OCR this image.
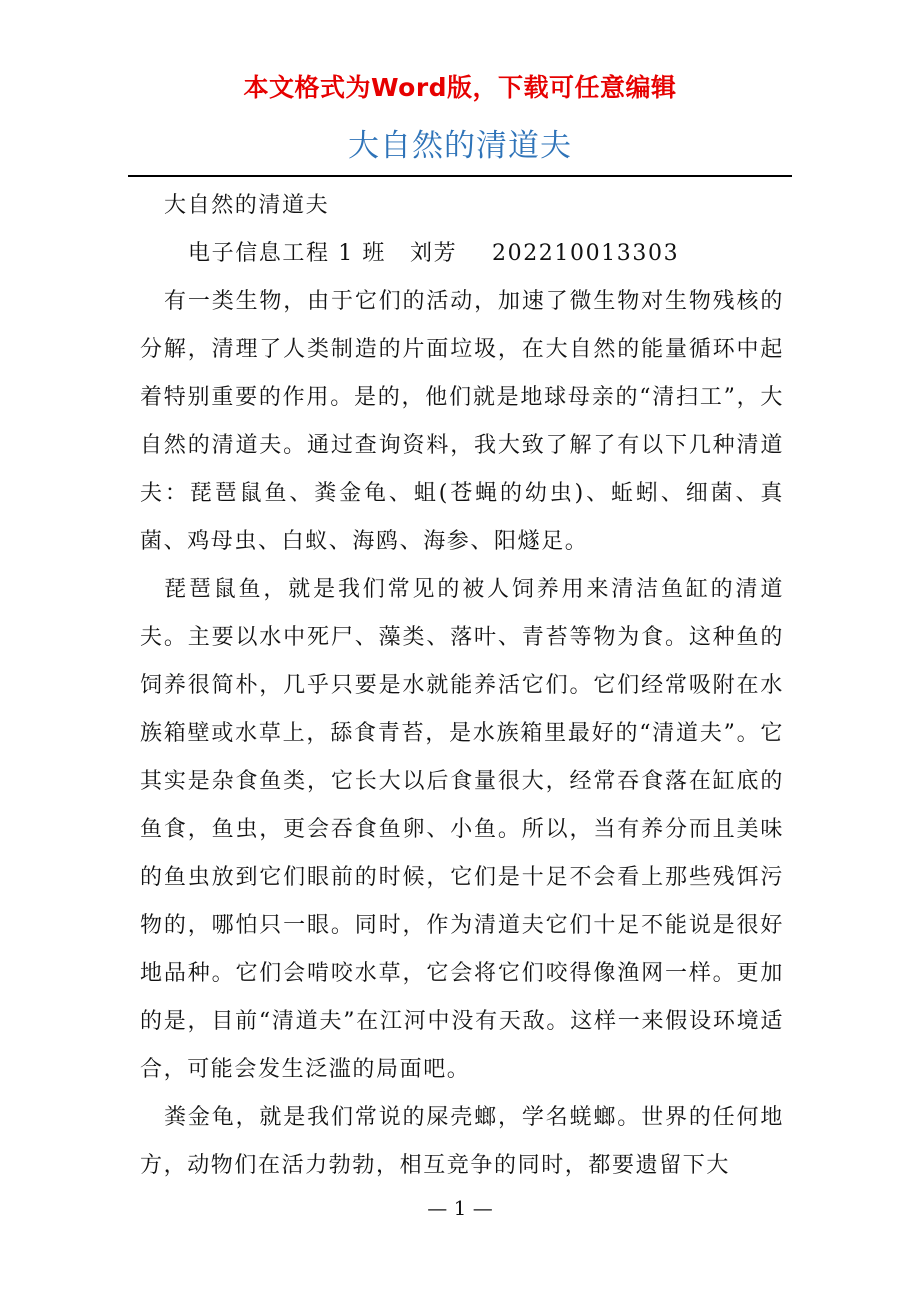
本文格式为Word版，下载可任意编辑
大自然的清道夫

大自然的清道夫

电子信息工程 1 班 刘芳 202210013303

有一类生物，由于它们的活动，加速了微生物对生物残核的分解，清理了人类制造的片面垃圾，在大自然的能量循环中起着特别重要的作用。是的，他们就是地球母亲的“清扫工”，大自然的清道夫。通过查询资料，我大致了解了有以下几种清道夫：琵琶鼠鱼、粪金龟、蛆(苍蝇的幼虫)、蚯蚓、细菌、真菌、鸡母虫、白蚁、海鸥、海参、阳燧足。

琵琶鼠鱼，就是我们常见的被人饲养用来清洁鱼缸的清道夫。主要以水中死尸、藻类、落叶、青苔等物为食。这种鱼的饲养很简朴，几乎只要是水就能养活它们。它们经常吸附在水族箱壁或水草上，舔食青苔，是水族箱里最好的“清道夫”。它其实是杂食鱼类，它长大以后食量很大，经常吞食落在缸底的鱼食，鱼虫，更会吞食鱼卵、小鱼。所以，当有养分而且美味的鱼虫放到它们眼前的时候，它们是十足不会看上那些残饵污物的，哪怕只一眼。同时，作为清道夫它们十足不能说是很好地品种。它们会啃咬水草，它会将它们咬得像渔网一样。更加的是，目前“清道夫”在江河中没有天敌。这样一来假设环境适合，可能会发生泛滥的局面吧。

粪金龟，就是我们常说的屎壳螂，学名蜣螂。世界的任何地方，动物们在活力勃勃，相互竞争的同时，都要遗留下大

— 1 —
